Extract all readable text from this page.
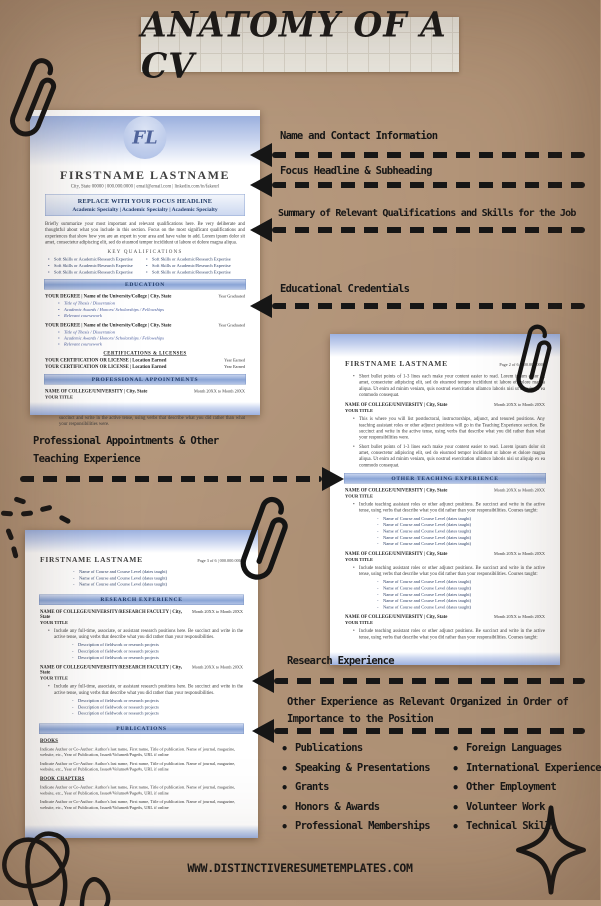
ANATOMY OF A CV
FL
FIRSTNAME LASTNAME
City, State 00000 | 000.000.0000 | email@email.com | linkedin.com/in/fakeurl
REPLACE WITH YOUR FOCUS HEADLINE
Academic Specialty | Academic Specialty | Academic Specialty
Briefly summarize your most important and relevant qualifications here. Be very deliberate and thoughtful about what you include in this section. Focus on the most significant qualifications and experiences that show how you are an expert in your area and have value to add. Lorem ipsum dolor sit amet, consectetur adipiscing elit, sed do eiusmod tempor incididunt ut labore et dolore magna aliqua.
KEY QUALIFICATIONS
• Soft Skills or Academic/Research Expertise	• Soft Skills or Academic/Research Expertise
• Soft Skills or Academic/Research Expertise	• Soft Skills or Academic/Research Expertise
• Soft Skills or Academic/Research Expertise	• Soft Skills or Academic/Research Expertise
EDUCATION
YOUR DEGREE | Name of the University/College | City, State	Year Graduated
• Title of Thesis / Dissertation
• Academic Awards / Honors/ Scholarships / Fellowships
• Relevant coursework
YOUR DEGREE | Name of the University/College | City, State	Year Graduated
• Title of Thesis / Dissertation
• Academic Awards / Honors/ Scholarships / Fellowships
• Relevant coursework
CERTIFICATIONS & LICENSES
YOUR CERTIFICATION OR LICENSE | Location Earned	Year Earned
YOUR CERTIFICATION OR LICENSE | Location Earned	Year Earned
PROFESSIONAL APPOINTMENTS
NAME OF COLLEGE/UNIVERSITY | City, State	Month 20XX to Month 20XX
YOUR TITLE
• succinct and write in the active tense, using verbs that describe what you did rather than what your responsibilities were.
FIRSTNAME LASTNAME	Page 2 of 6 | 000.000.0000
• Short bullet points of 1-3 lines each make your content easier to read. Lorem ipsum dolor sit amet, consectetur adipiscing elit, sed do eiusmod tempor incididunt ut labore et dolore magna aliqua. Ut enim ad minim veniam, quis nostrud exercitation ullamco laboris nisi ut aliquip ex ea commodo consequat.
NAME OF COLLEGE/UNIVERSITY | City, State	Month 20XX to Month 20XX
YOUR TITLE
• This is where you will list postdoctoral, instructorships, adjunct, and tenured positions. Any teaching assistant roles or other adjunct positions will go in the Teaching Experience section. Be succinct and write in the active tense, using verbs that describe what you did rather than what your responsibilities were.
• Short bullet points of 1-3 lines each make your content easier to read. Lorem ipsum dolor sit amet, consectetur adipiscing elit, sed do eiusmod tempor incididunt ut labore et dolore magna aliqua. Ut enim ad minim veniam, quis nostrud exercitation ullamco laboris nisi ut aliquip ex ea commodo consequat.
OTHER TEACHING EXPERIENCE
NAME OF COLLEGE/UNIVERSITY | City, State	Month 20XX to Month 20XX
YOUR TITLE
• Include teaching assistant roles or other adjunct positions. Be succinct and write in the active tense, using verbs that describe what you did rather than your responsibilities. Courses taught:
- Name of Course and Course Level (dates taught)
- Name of Course and Course Level (dates taught)
- Name of Course and Course Level (dates taught)
- Name of Course and Course Level (dates taught)
- Name of Course and Course Level (dates taught)
NAME OF COLLEGE/UNIVERSITY | City, State	Month 20XX to Month 20XX
YOUR TITLE
• Include teaching assistant roles or other adjunct positions. Be succinct and write in the active tense, using verbs that describe what you did rather than your responsibilities. Courses taught:
- Name of Course and Course Level (dates taught)
- Name of Course and Course Level (dates taught)
- Name of Course and Course Level (dates taught)
- Name of Course and Course Level (dates taught)
- Name of Course and Course Level (dates taught)
NAME OF COLLEGE/UNIVERSITY | City, State	Month 20XX to Month 20XX
YOUR TITLE
• Include teaching assistant roles or other adjunct positions. Be succinct and write in the active tense, using verbs that describe what you did rather than your responsibilities. Courses taught:
FIRSTNAME LASTNAME	Page 3 of 6 | 000.000.0000
- Name of Course and Course Level (dates taught)
- Name of Course and Course Level (dates taught)
- Name of Course and Course Level (dates taught)
RESEARCH EXPERIENCE
NAME OF COLLEGE/UNIVERSITY/RESEARCH FACULTY | City, State
Month 20XX to Month 20XX
YOUR TITLE
• Include any full-time, associate, or assistant research positions here. Be succinct and write in the active tense, using verbs that describe what you did rather than your responsibilities.
- Description of fieldwork or research projects
- Description of fieldwork or research projects
- Description of fieldwork or research projects
NAME OF COLLEGE/UNIVERSITY/RESEARCH FACULTY | City, State
Month 20XX to Month 20XX
YOUR TITLE
• Include any full-time, associate, or assistant research positions here. Be succinct and write in the active tense, using verbs that describe what you did rather than your responsibilities.
- Description of fieldwork or research projects
- Description of fieldwork or research projects
- Description of fieldwork or research projects
PUBLICATIONS
BOOKS
Indicate Author or Co-Author: Author's last name, First name, Title of publication. Name of journal, magazine, website, etc., Year of Publication, Issue#/Volume#/Page#s, URL if online
Indicate Author or Co-Author: Author's last name, First name, Title of publication. Name of journal, magazine, website, etc., Year of Publication, Issue#/Volume#/Page#s, URL if online
BOOK CHAPTERS
Indicate Author or Co-Author: Author's last name, First name, Title of publication. Name of journal, magazine, website, etc., Year of Publication, Issue#/Volume#/Page#s, URL if online
Indicate Author or Co-Author: Author's last name, First name, Title of publication. Name of journal, magazine, website, etc., Year of Publication, Issue#/Volume#/Page#s, URL if online
Name and Contact Information
Focus Headline & Subheading
Summary of Relevant Qualifications and Skills for the Job
Educational Credentials
Professional Appointments & Other Teaching Experience
Research Experience
Other Experience as Relevant Organized in Order of Importance to the Position
• Publications
• Speaking & Presentations
• Grants
• Honors & Awards
• Professional Memberships
• Foreign Languages
• International Experience
• Other Employment
• Volunteer Work
• Technical Skills
WWW.DISTINCTIVERESUMETEMPLATES.COM
